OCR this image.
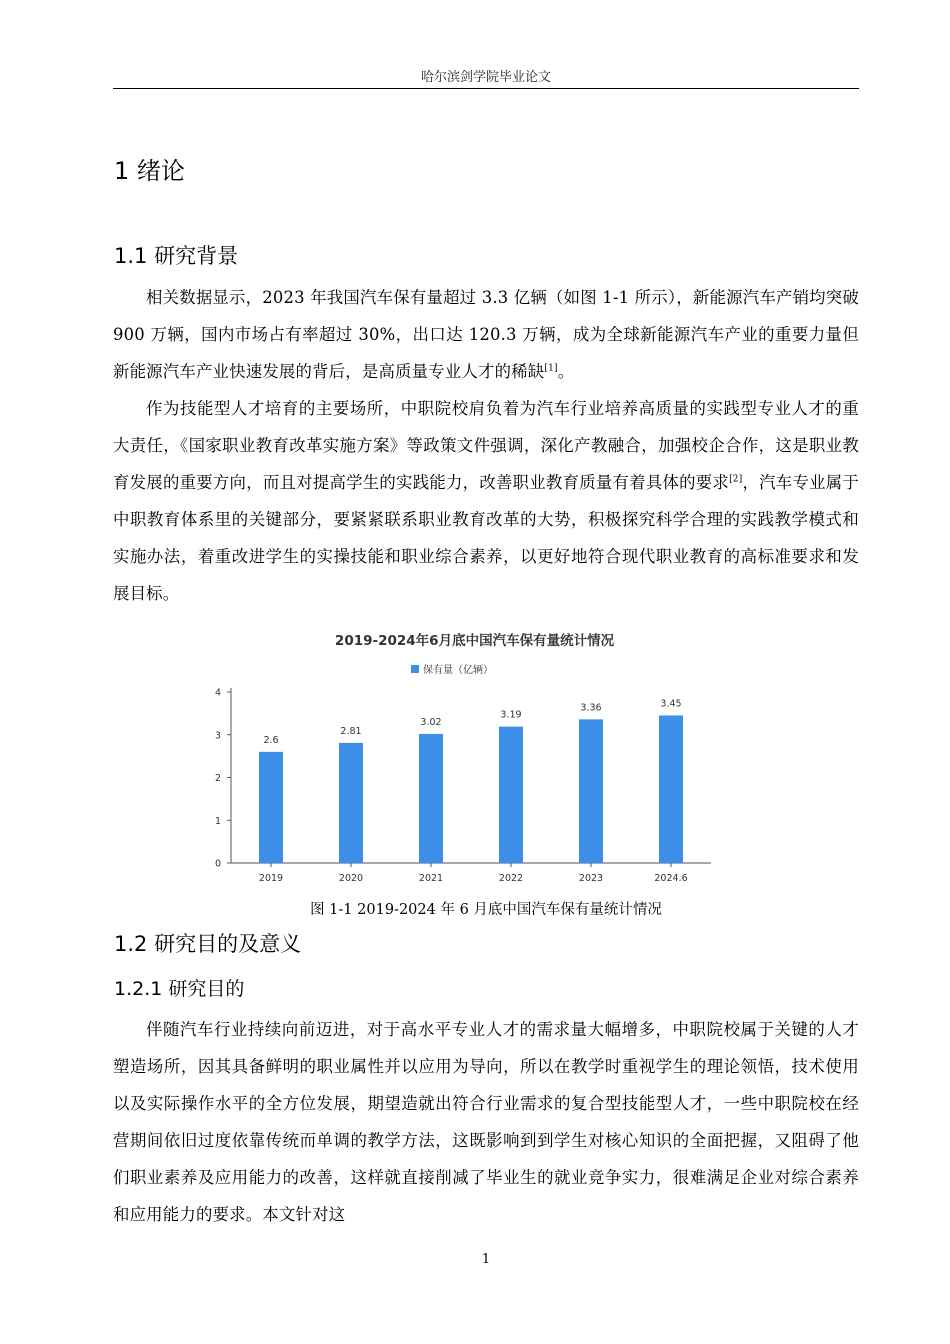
哈尔滨剑学院毕业论文
1 绪论
1.1 研究背景

相关数据显示，2023 年我国汽车保有量超过 3.3 亿辆（如图 1-1 所示），新能源汽车产销均突破 900 万辆，国内市场占有率超过 30%，出口达 120.3 万辆，成为全球新能源汽车产业的重要力量但新能源汽车产业快速发展的背后，是高质量专业人才的稀缺[1]。

作为技能型人才培育的主要场所，中职院校肩负着为汽车行业培养高质量的实践型专业人才的重大责任，《国家职业教育改革实施方案》等政策文件强调，深化产教融合，加强校企合作，这是职业教育发展的重要方向，而且对提高学生的实践能力，改善职业教育质量有着具体的要求[2]，汽车专业属于中职教育体系里的关键部分，要紧紧联系职业教育改革的大势，积极探究科学合理的实践教学模式和实施办法，着重改进学生的实操技能和职业综合素养，以更好地符合现代职业教育的高标准要求和发展目标。

2019-2024年6月底中国汽车保有量统计情况
保有量（亿辆）
0
1
2
3
4
2.6
2019
2.81
2020
3.02
2021
3.19
2022
3.36
2023
3.45
2024.6
图 1-1 2019-2024 年 6 月底中国汽车保有量统计情况
1.2 研究目的及意义
1.2.1 研究目的

伴随汽车行业持续向前迈进，对于高水平专业人才的需求量大幅增多，中职院校属于关键的人才塑造场所，因其具备鲜明的职业属性并以应用为导向，所以在教学时重视学生的理论领悟，技术使用以及实际操作水平的全方位发展，期望造就出符合行业需求的复合型技能型人才，一些中职院校在经营期间依旧过度依靠传统而单调的教学方法，这既影响到到学生对核心知识的全面把握，又阻碍了他们职业素养及应用能力的改善，这样就直接削减了毕业生的就业竞争实力，很难满足企业对综合素养和应用能力的要求。本文针对这

1
